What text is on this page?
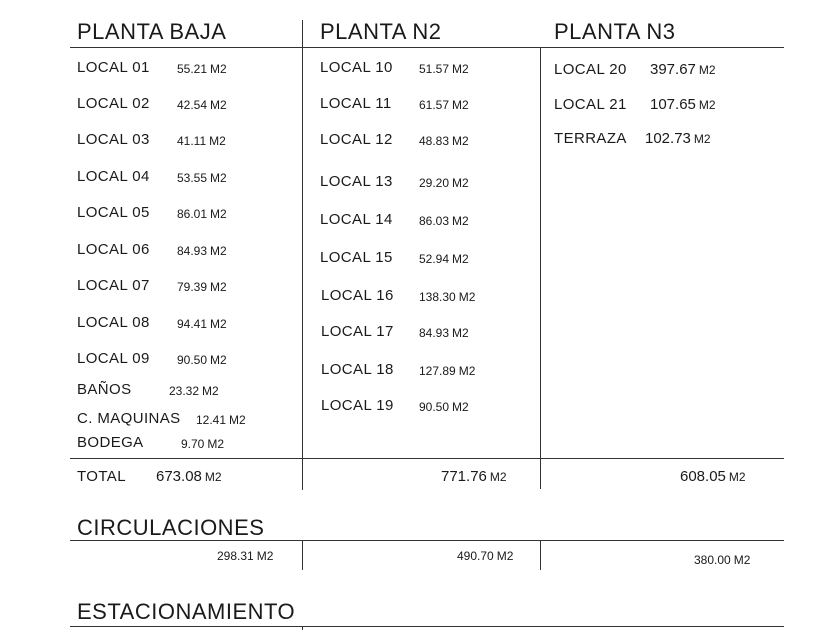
PLANTA BAJA	PLANTA N2	PLANTA N3
LOCAL 01 55.21 M2
LOCAL 02 42.54 M2
LOCAL 03 41.11 M2
LOCAL 04 53.55 M2
LOCAL 05 86.01 M2
LOCAL 06 84.93 M2
LOCAL 07 79.39 M2
LOCAL 08 94.41 M2
LOCAL 09 90.50 M2
BAÑOS	23.32 M2
C. MAQUINAS 12.41 M2
BODEGA	9.70 M2
LOCAL 10 51.57 M2
LOCAL 11 61.57 M2
LOCAL 12 48.83 M2
LOCAL 13 29.20 M2
LOCAL 14 86.03 M2
LOCAL 15 52.94 M2
LOCAL 16 138.30 M2
LOCAL 17 84.93 M2
LOCAL 18 127.89 M2
LOCAL 19 90.50 M2
LOCAL 20 397.67 M2
LOCAL 21 107.65 M2
TERRAZA 102.73 M2
TOTAL 673.08 M2	771.76 M2	608.05 M2
CIRCULACIONES
298.31 M2	490.70 M2	380.00 M2
ESTACIONAMIENTO
